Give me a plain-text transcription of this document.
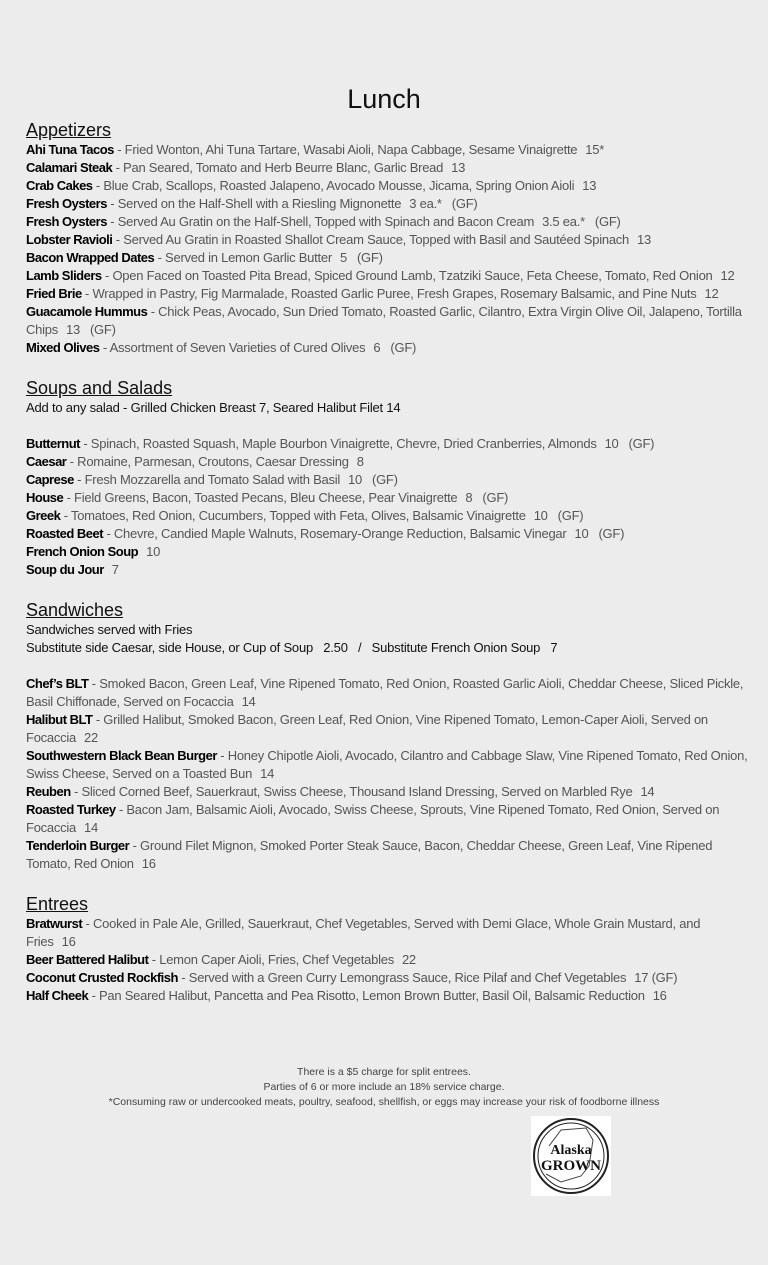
Lunch
Appetizers
Ahi Tuna Tacos - Fried Wonton, Ahi Tuna Tartare, Wasabi Aioli, Napa Cabbage, Sesame Vinaigrette 15*
Calamari Steak - Pan Seared, Tomato and Herb Beurre Blanc, Garlic Bread 13
Crab Cakes - Blue Crab, Scallops, Roasted Jalapeno, Avocado Mousse, Jicama, Spring Onion Aioli 13
Fresh Oysters - Served on the Half-Shell with a Riesling Mignonette 3 ea.* (GF)
Fresh Oysters - Served Au Gratin on the Half-Shell, Topped with Spinach and Bacon Cream 3.5 ea.* (GF)
Lobster Ravioli - Served Au Gratin in Roasted Shallot Cream Sauce, Topped with Basil and Sautéed Spinach 13
Bacon Wrapped Dates - Served in Lemon Garlic Butter 5 (GF)
Lamb Sliders - Open Faced on Toasted Pita Bread, Spiced Ground Lamb, Tzatziki Sauce, Feta Cheese, Tomato, Red Onion 12
Fried Brie - Wrapped in Pastry, Fig Marmalade, Roasted Garlic Puree, Fresh Grapes, Rosemary Balsamic, and Pine Nuts 12
Guacamole Hummus - Chick Peas, Avocado, Sun Dried Tomato, Roasted Garlic, Cilantro, Extra Virgin Olive Oil, Jalapeno, Tortilla Chips 13 (GF)
Mixed Olives - Assortment of Seven Varieties of Cured Olives 6 (GF)
Soups and Salads
Add to any salad - Grilled Chicken Breast 7, Seared Halibut Filet 14
Butternut - Spinach, Roasted Squash, Maple Bourbon Vinaigrette, Chevre, Dried Cranberries, Almonds 10 (GF)
Caesar - Romaine, Parmesan, Croutons, Caesar Dressing 8
Caprese - Fresh Mozzarella and Tomato Salad with Basil 10 (GF)
House - Field Greens, Bacon, Toasted Pecans, Bleu Cheese, Pear Vinaigrette 8 (GF)
Greek - Tomatoes, Red Onion, Cucumbers, Topped with Feta, Olives, Balsamic Vinaigrette 10 (GF)
Roasted Beet - Chevre, Candied Maple Walnuts, Rosemary-Orange Reduction, Balsamic Vinegar 10 (GF)
French Onion Soup 10
Soup du Jour 7
Sandwiches
Sandwiches served with Fries
Substitute side Caesar, side House, or Cup of Soup   2.50   /   Substitute French Onion Soup   7
Chef’s BLT - Smoked Bacon, Green Leaf, Vine Ripened Tomato, Red Onion, Roasted Garlic Aioli, Cheddar Cheese, Sliced Pickle, Basil Chiffonade, Served on Focaccia 14
Halibut BLT - Grilled Halibut, Smoked Bacon, Green Leaf, Red Onion, Vine Ripened Tomato, Lemon-Caper Aioli, Served on Focaccia 22
Southwestern Black Bean Burger - Honey Chipotle Aioli, Avocado, Cilantro and Cabbage Slaw, Vine Ripened Tomato, Red Onion, Swiss Cheese, Served on a Toasted Bun 14
Reuben - Sliced Corned Beef, Sauerkraut, Swiss Cheese, Thousand Island Dressing, Served on Marbled Rye 14
Roasted Turkey - Bacon Jam, Balsamic Aioli, Avocado, Swiss Cheese, Sprouts, Vine Ripened Tomato, Red Onion, Served on Focaccia 14
Tenderloin Burger - Ground Filet Mignon, Smoked Porter Steak Sauce, Bacon, Cheddar Cheese, Green Leaf, Vine Ripened Tomato, Red Onion 16
Entrees
Bratwurst - Cooked in Pale Ale, Grilled, Sauerkraut, Chef Vegetables, Served with Demi Glace, Whole Grain Mustard, and Fries 16
Beer Battered Halibut - Lemon Caper Aioli, Fries, Chef Vegetables 22
Coconut Crusted Rockfish - Served with a Green Curry Lemongrass Sauce, Rice Pilaf and Chef Vegetables 17 (GF)
Half Cheek - Pan Seared Halibut, Pancetta and Pea Risotto, Lemon Brown Butter, Basil Oil, Balsamic Reduction 16
There is a $5 charge for split entrees.
Parties of 6 or more include an 18% service charge.
*Consuming raw or undercooked meats, poultry, seafood, shellfish, or eggs may increase your risk of foodborne illness
Alaska
GROWN
